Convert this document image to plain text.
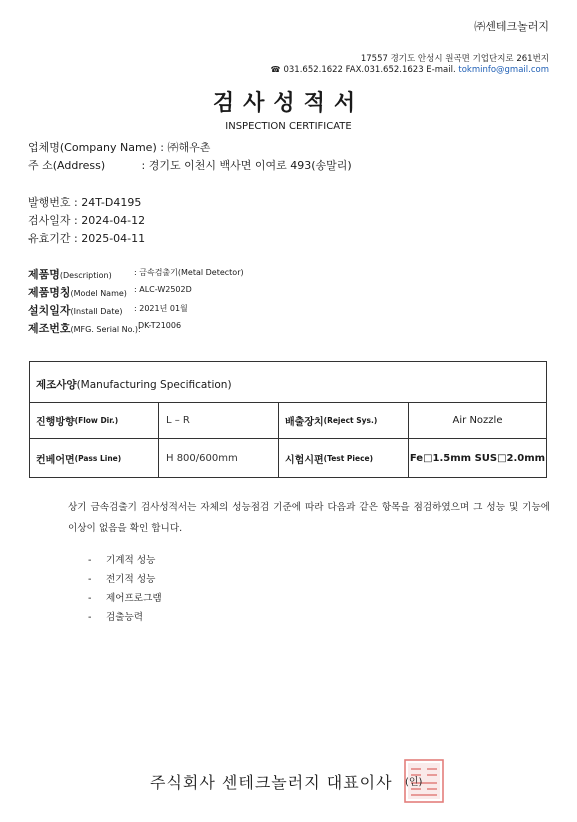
㈜센테크놀러지
17557 경기도 안성시 원곡면 기업단지로 261번지
☎ 031.652.1622 FAX.031.652.1623 E-mail. tokminfo@gmail.com
검사성적서
INSPECTION CERTIFICATE
업체명(Company Name) : ㈜해우촌
주 소(Address)	: 경기도 이천시 백사면 이여로 493(송말리)
발행번호 : 24T-D4195
검사일자 : 2024-04-12
유효기간 : 2025-04-11
제품명(Description)	: 금속검출기(Metal Detector)
제품명칭(Model Name) : ALC-W2502D
설치일자(Install Date) : 2021년 01월
제조번호(MFG. Serial No.):
DK-T21006
제조사양(Manufacturing Specification)
진행방향 (Flow Dir.)	L – R	배출장치 (Reject Sys.)	Air Nozzle
컨베어면 (Pass Line)	H 800/600mm	시험시편 (Test Piece)	Fe□1.5mm SUS□2.0mm
상기 금속검출기 검사성적서는 자체의 성능점검 기준에 따라 다음과 같은 항목을 점검하였으며 그 성능 및 기능에 이상이 없음을 확인 합니다.
- 기계적 성능
- 전기적 성능
- 제어프로그램
- 검출능력
주식회사 센테크놀러지 대표이사 (인)
